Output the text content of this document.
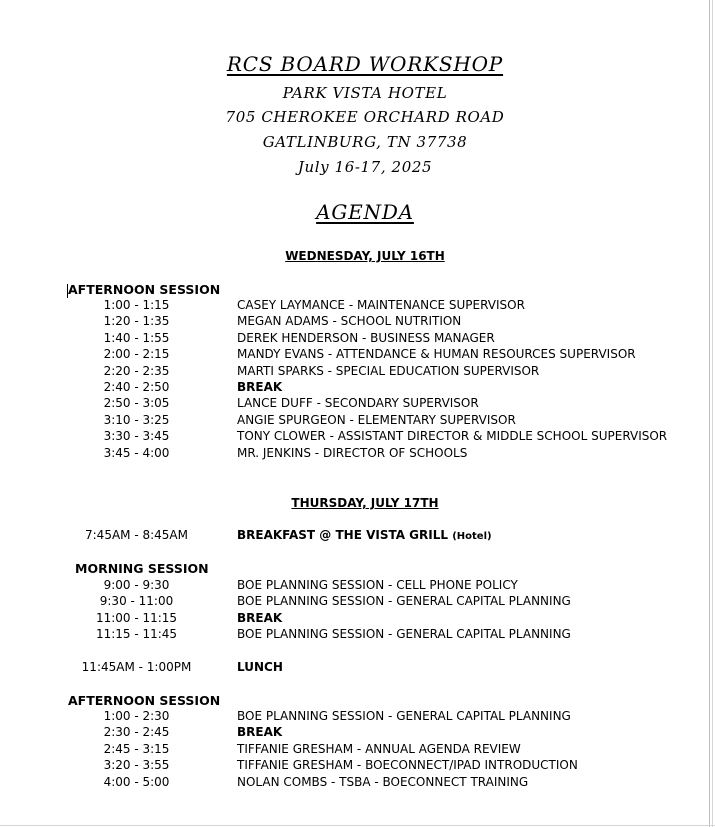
RCS BOARD WORKSHOP
PARK VISTA HOTEL
705 CHEROKEE ORCHARD ROAD
GATLINBURG, TN 37738
July 16-17, 2025
AGENDA
WEDNESDAY, JULY 16TH
AFTERNOON SESSION
1:00 - 1:15	CASEY LAYMANCE - MAINTENANCE SUPERVISOR
1:20 - 1:35	MEGAN ADAMS - SCHOOL NUTRITION
1:40 - 1:55	DEREK HENDERSON - BUSINESS MANAGER
2:00 - 2:15	MANDY EVANS - ATTENDANCE & HUMAN RESOURCES SUPERVISOR
2:20 - 2:35	MARTI SPARKS - SPECIAL EDUCATION SUPERVISOR
2:40 - 2:50	BREAK
2:50 - 3:05	LANCE DUFF - SECONDARY SUPERVISOR
3:10 - 3:25	ANGIE SPURGEON - ELEMENTARY SUPERVISOR
3:30 - 3:45	TONY CLOWER - ASSISTANT DIRECTOR & MIDDLE SCHOOL SUPERVISOR
3:45 - 4:00	MR. JENKINS - DIRECTOR OF SCHOOLS
THURSDAY, JULY 17TH
7:45AM - 8:45AM	BREAKFAST @ THE VISTA GRILL (Hotel)
MORNING SESSION
9:00 - 9:30	BOE PLANNING SESSION - CELL PHONE POLICY
9:30 - 11:00	BOE PLANNING SESSION - GENERAL CAPITAL PLANNING
11:00 - 11:15	BREAK
11:15 - 11:45	BOE PLANNING SESSION - GENERAL CAPITAL PLANNING
11:45AM - 1:00PM	LUNCH
AFTERNOON SESSION
1:00 - 2:30	BOE PLANNING SESSION - GENERAL CAPITAL PLANNING
2:30 - 2:45	BREAK
2:45 - 3:15	TIFFANIE GRESHAM - ANNUAL AGENDA REVIEW
3:20 - 3:55	TIFFANIE GRESHAM - BOECONNECT/IPAD INTRODUCTION
4:00 - 5:00	NOLAN COMBS - TSBA - BOECONNECT TRAINING
